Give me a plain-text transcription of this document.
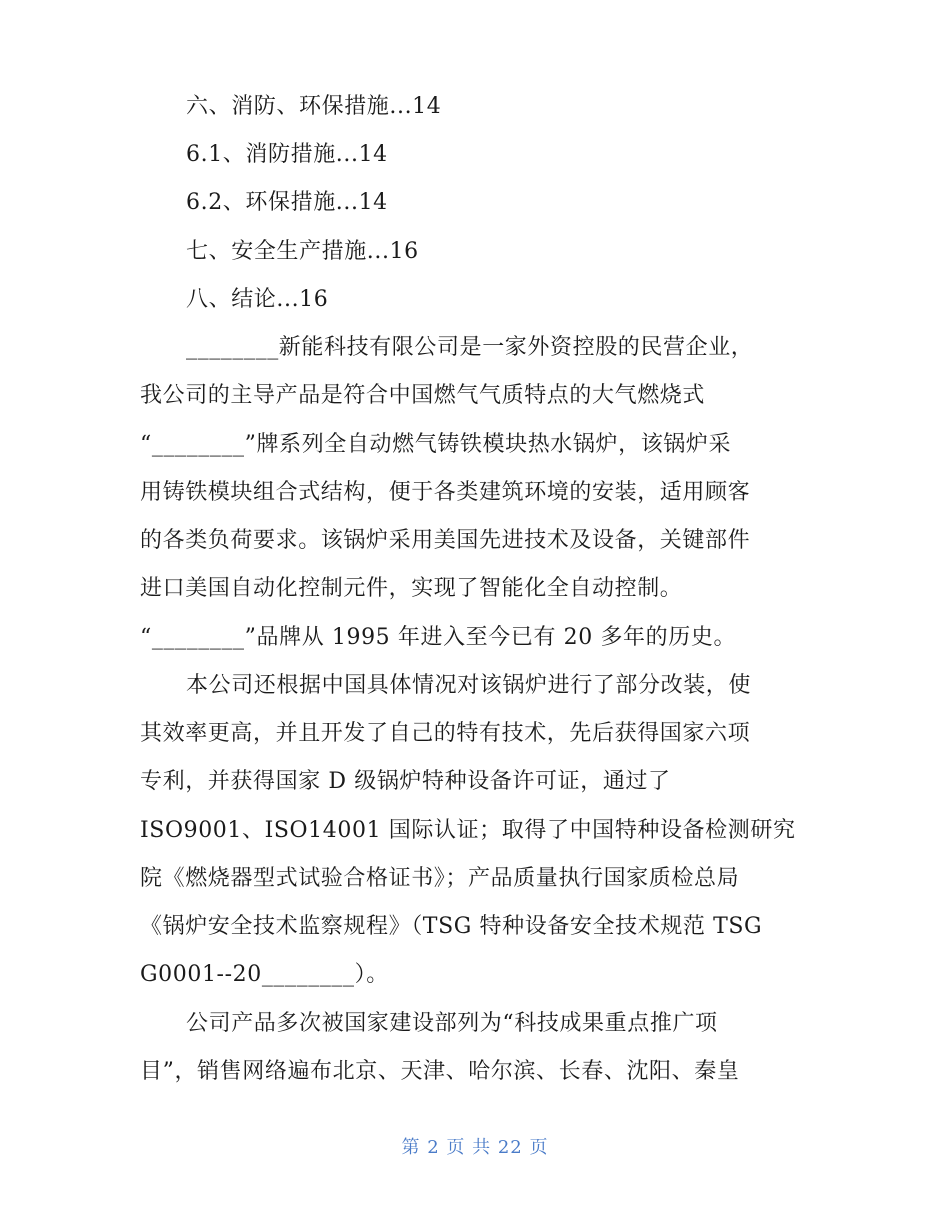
六、消防、环保措施...14
6.1、消防措施...14
6.2、环保措施...14
七、安全生产措施...16
八、结论...16
________新能科技有限公司是一家外资控股的民营企业，
我公司的主导产品是符合中国燃气气质特点的大气燃烧式
“________”牌系列全自动燃气铸铁模块热水锅炉，该锅炉采
用铸铁模块组合式结构，便于各类建筑环境的安装，适用顾客
的各类负荷要求。该锅炉采用美国先进技术及设备，关键部件
进口美国自动化控制元件，实现了智能化全自动控制。
“________”品牌从 1995 年进入至今已有 20 多年的历史。
本公司还根据中国具体情况对该锅炉进行了部分改装，使
其效率更高，并且开发了自己的特有技术，先后获得国家六项
专利，并获得国家 D 级锅炉特种设备许可证，通过了
ISO9001、ISO14001 国际认证；取得了中国特种设备检测研究
院《燃烧器型式试验合格证书》；产品质量执行国家质检总局
《锅炉安全技术监察规程》（TSG 特种设备安全技术规范 TSG
G0001--20________）。
公司产品多次被国家建设部列为“科技成果重点推广项
目”，销售网络遍布北京、天津、哈尔滨、长春、沈阳、秦皇
第 2 页 共 22 页
